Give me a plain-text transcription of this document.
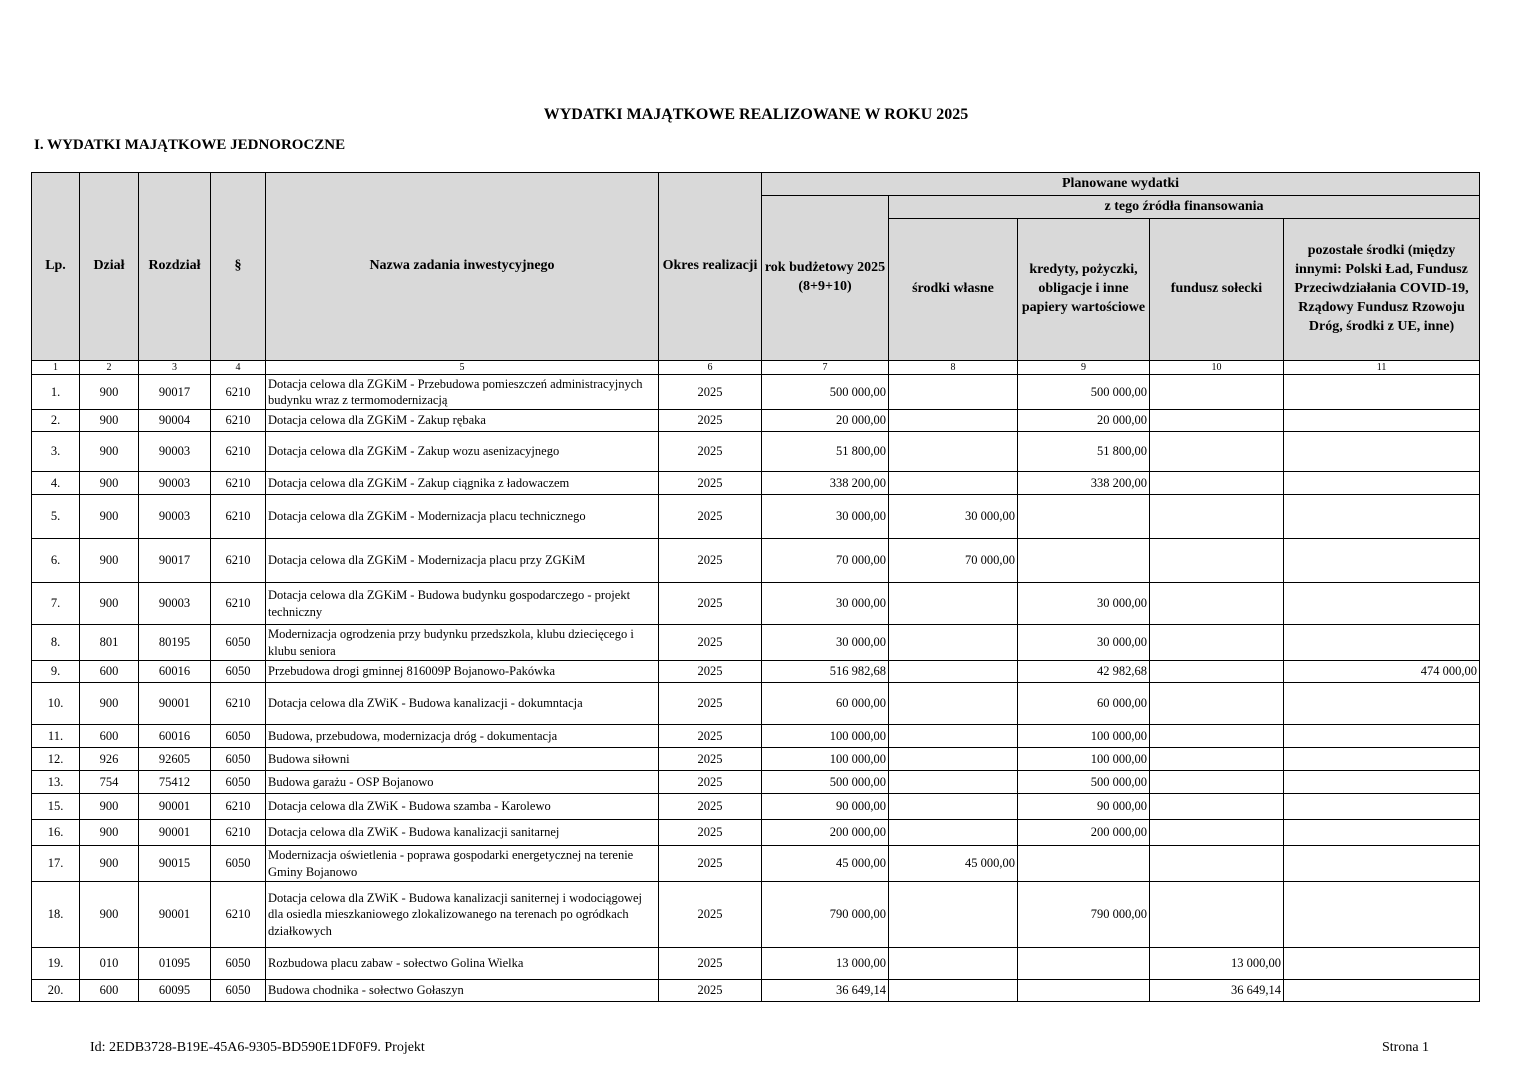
WYDATKI MAJĄTKOWE REALIZOWANE W ROKU 2025
I. WYDATKI MAJĄTKOWE JEDNOROCZNE
Lp.	Dział	Rozdział	§	Nazwa zadania inwestycyjnego	Okres realizacji	Planowane wydatki				
						rok budżetowy 2025 (8+9+10)	z tego źródła finansowania			
							środki własne	kredyty, pożyczki, obligacje i inne papiery wartościowe	fundusz sołecki	pozostałe środki (między innymi: Polski Ład, Fundusz Przeciwdziałania COVID-19, Rządowy Fundusz Rzowoju Dróg, środki z UE, inne)
1	2	3	4	5	6	7	8	9	10	11
1.	900	90017	6210	Dotacja celowa dla ZGKiM - Przebudowa pomieszczeń administracyjnych budynku wraz z termomodernizacją	2025	500 000,00		500 000,00		
2.	900	90004	6210	Dotacja celowa dla ZGKiM - Zakup rębaka	2025	20 000,00		20 000,00		
3.	900	90003	6210	Dotacja celowa dla ZGKiM - Zakup wozu asenizacyjnego	2025	51 800,00		51 800,00		
4.	900	90003	6210	Dotacja celowa dla ZGKiM - Zakup ciągnika z ładowaczem	2025	338 200,00		338 200,00		
5.	900	90003	6210	Dotacja celowa dla ZGKiM - Modernizacja placu technicznego	2025	30 000,00	30 000,00			
6.	900	90017	6210	Dotacja celowa dla ZGKiM - Modernizacja placu przy ZGKiM	2025	70 000,00	70 000,00			
7.	900	90003	6210	Dotacja celowa dla ZGKiM - Budowa budynku gospodarczego - projekt techniczny	2025	30 000,00		30 000,00		
8.	801	80195	6050	Modernizacja ogrodzenia przy budynku przedszkola, klubu dziecięcego i klubu seniora	2025	30 000,00		30 000,00		
9.	600	60016	6050	Przebudowa drogi gminnej 816009P Bojanowo-Pakówka	2025	516 982,68		42 982,68		474 000,00
10.	900	90001	6210	Dotacja celowa dla ZWiK - Budowa kanalizacji - dokumntacja	2025	60 000,00		60 000,00		
11.	600	60016	6050	Budowa, przebudowa, modernizacja dróg - dokumentacja	2025	100 000,00		100 000,00		
12.	926	92605	6050	Budowa siłowni	2025	100 000,00		100 000,00		
13.	754	75412	6050	Budowa garażu - OSP Bojanowo	2025	500 000,00		500 000,00		
15.	900	90001	6210	Dotacja celowa dla ZWiK - Budowa szamba - Karolewo	2025	90 000,00		90 000,00		
16.	900	90001	6210	Dotacja celowa dla ZWiK - Budowa kanalizacji sanitarnej	2025	200 000,00		200 000,00		
17.	900	90015	6050	Modernizacja oświetlenia - poprawa gospodarki energetycznej na terenie Gminy Bojanowo	2025	45 000,00	45 000,00			
18.	900	90001	6210	Dotacja celowa dla ZWiK - Budowa kanalizacji saniternej i wodociągowej dla osiedla mieszkaniowego zlokalizowanego na terenach po ogródkach działkowych	2025	790 000,00		790 000,00		
19.	010	01095	6050	Rozbudowa placu zabaw - sołectwo Golina Wielka	2025	13 000,00			13 000,00	
20.	600	60095	6050	Budowa chodnika - sołectwo Gołaszyn	2025	36 649,14			36 649,14	
Id: 2EDB3728-B19E-45A6-9305-BD590E1DF0F9. Projekt	Strona 1
